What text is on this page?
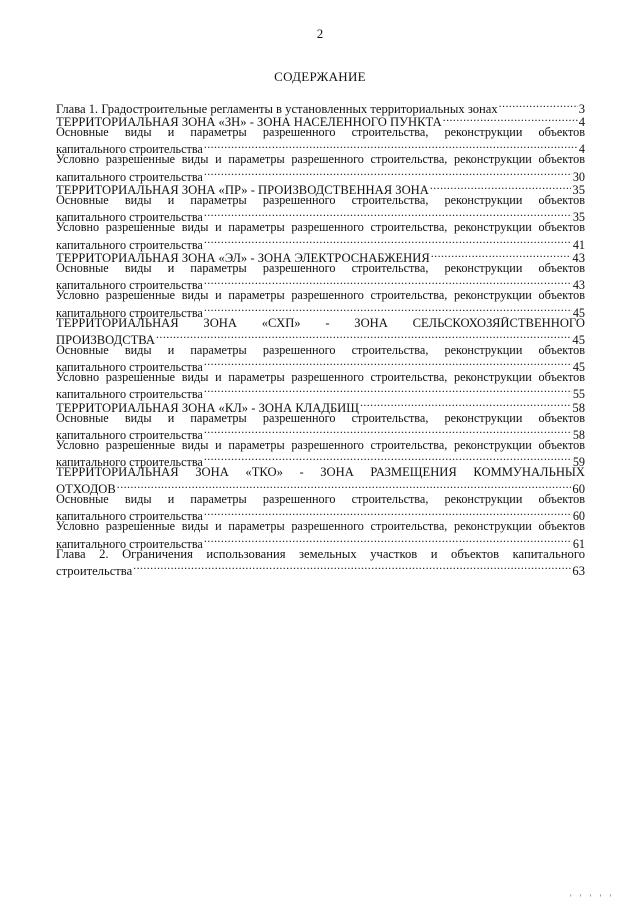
2
СОДЕРЖАНИЕ
Глава 1. Градостроительные регламенты в установленных территориальных зонах .....	3
ТЕРРИТОРИАЛЬНАЯ ЗОНА «ЗН» - ЗОНА НАСЕЛЕННОГО ПУНКТА .....	4
Основные виды и параметры разрешенного строительства, реконструкции объектов
капитального строительства .....	4
Условно разрешенные виды и параметры разрешенного строительства, реконструкции объектов
капитального строительства .....	30
ТЕРРИТОРИАЛЬНАЯ ЗОНА «ПР» - ПРОИЗВОДСТВЕННАЯ ЗОНА .....	35
Основные виды и параметры разрешенного строительства, реконструкции объектов
капитального строительства .....	35
Условно разрешенные виды и параметры разрешенного строительства, реконструкции объектов
капитального строительства .....	41
ТЕРРИТОРИАЛЬНАЯ ЗОНА «ЭЛ» - ЗОНА ЭЛЕКТРОСНАБЖЕНИЯ .....	43
Основные виды и параметры разрешенного строительства, реконструкции объектов
капитального строительства .....	43
Условно разрешенные виды и параметры разрешенного строительства, реконструкции объектов
капитального строительства .....	45
ТЕРРИТОРИАЛЬНАЯ ЗОНА «СХП» - ЗОНА СЕЛЬСКОХОЗЯЙСТВЕННОГО
ПРОИЗВОДСТВА .....	45
Основные виды и параметры разрешенного строительства, реконструкции объектов
капитального строительства .....	45
Условно разрешенные виды и параметры разрешенного строительства, реконструкции объектов
капитального строительства .....	55
ТЕРРИТОРИАЛЬНАЯ ЗОНА «КЛ» - ЗОНА КЛАДБИЩ .....	58
Основные виды и параметры разрешенного строительства, реконструкции объектов
капитального строительства .....	58
Условно разрешенные виды и параметры разрешенного строительства, реконструкции объектов
капитального строительства .....	59
ТЕРРИТОРИАЛЬНАЯ ЗОНА «ТКО» - ЗОНА РАЗМЕЩЕНИЯ КОММУНАЛЬНЫХ
ОТХОДОВ .....	60
Основные виды и параметры разрешенного строительства, реконструкции объектов
капитального строительства .....	60
Условно разрешенные виды и параметры разрешенного строительства, реконструкции объектов
капитального строительства .....	61
Глава 2. Ограничения использования земельных участков и объектов капитального
строительства .....	63
' ' ' ' '
